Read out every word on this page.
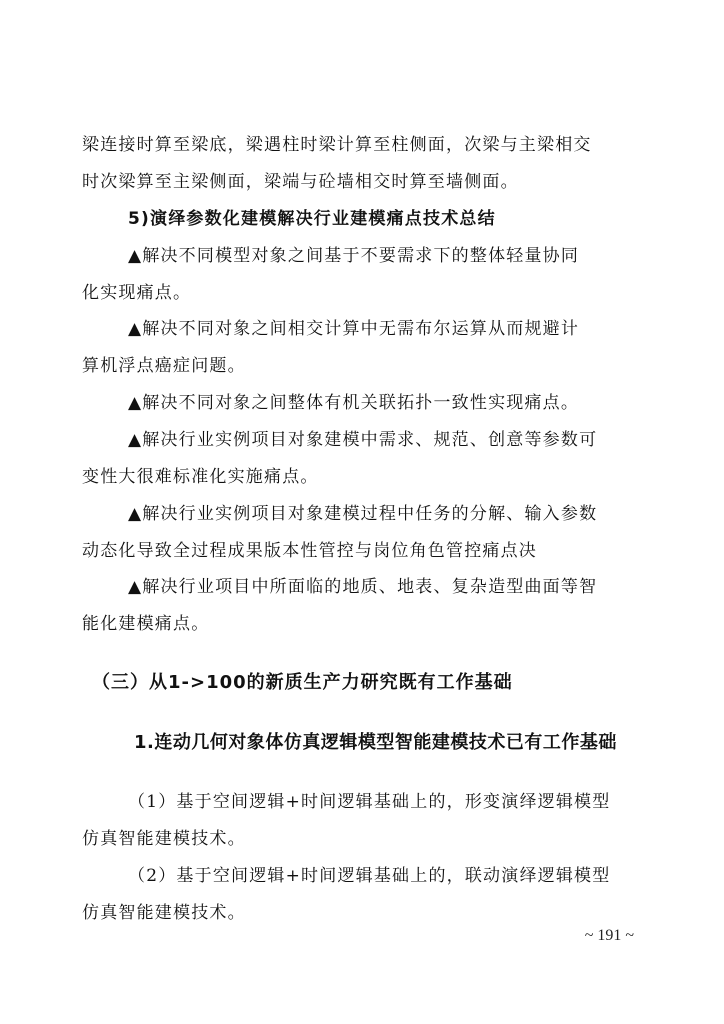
梁连接时算至梁底，梁遇柱时梁计算至柱侧面，次梁与主梁相交
时次梁算至主梁侧面，梁端与砼墙相交时算至墙侧面。
5)演绎参数化建模解决行业建模痛点技术总结
▲解决不同模型对象之间基于不要需求下的整体轻量协同
化实现痛点。
▲解决不同对象之间相交计算中无需布尔运算从而规避计
算机浮点癌症问题。
▲解决不同对象之间整体有机关联拓扑一致性实现痛点。
▲解决行业实例项目对象建模中需求、规范、创意等参数可
变性大很难标准化实施痛点。
▲解决行业实例项目对象建模过程中任务的分解、输入参数
动态化导致全过程成果版本性管控与岗位角色管控痛点决
▲解决行业项目中所面临的地质、地表、复杂造型曲面等智
能化建模痛点。
（三）从1->100的新质生产力研究既有工作基础
1.连动几何对象体仿真逻辑模型智能建模技术已有工作基础
（1）基于空间逻辑+时间逻辑基础上的，形变演绎逻辑模型
仿真智能建模技术。
（2）基于空间逻辑+时间逻辑基础上的，联动演绎逻辑模型
仿真智能建模技术。
~ 191 ~
